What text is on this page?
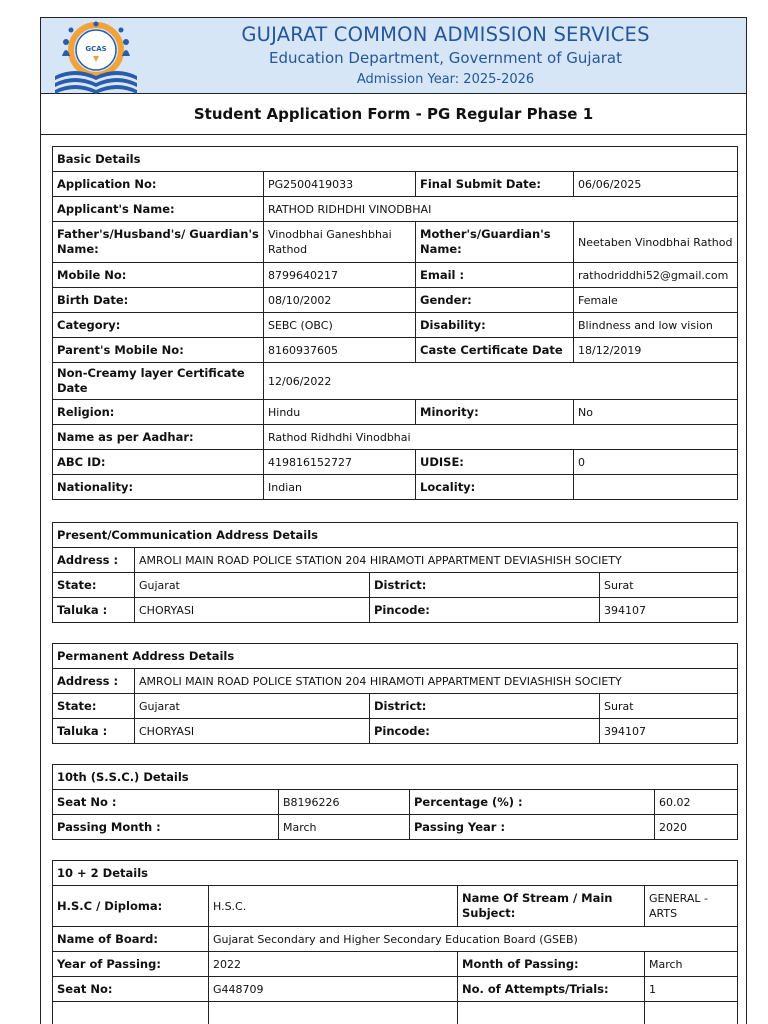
GCAS
GUJARAT COMMON ADMISSION SERVICES
Education Department, Government of Gujarat
Admission Year: 2025-2026
Student Application Form - PG Regular Phase 1
Basic Details			
Application No:	PG2500419033	Final Submit Date:	06/06/2025
Applicant's Name:	RATHOD RIDHDHI VINODBHAI		
Father's/Husband's/ Guardian's Name:	Vinodbhai Ganeshbhai Rathod	Mother's/Guardian's Name:	Neetaben Vinodbhai Rathod
Mobile No:	8799640217	Email :	rathodriddhi52@gmail.com
Birth Date:	08/10/2002	Gender:	Female
Category:	SEBC (OBC)	Disability:	Blindness and low vision
Parent's Mobile No:	8160937605	Caste Certificate Date	18/12/2019
Non-Creamy layer Certificate Date	12/06/2022		
Religion:	Hindu	Minority:	No
Name as per Aadhar:	Rathod Ridhdhi Vinodbhai		
ABC ID:	419816152727	UDISE:	0
Nationality:	Indian	Locality:	
Present/Communication Address Details			
Address :	AMROLI MAIN ROAD POLICE STATION 204 HIRAMOTI APPARTMENT DEVIASHISH SOCIETY		
State:	Gujarat	District:	Surat
Taluka :	CHORYASI	Pincode:	394107
Permanent Address Details			
Address :	AMROLI MAIN ROAD POLICE STATION 204 HIRAMOTI APPARTMENT DEVIASHISH SOCIETY		
State:	Gujarat	District:	Surat
Taluka :	CHORYASI	Pincode:	394107
10th (S.S.C.) Details			
Seat No :	B8196226	Percentage (%) :	60.02
Passing Month :	March	Passing Year :	2020
10 + 2 Details			
H.S.C / Diploma:	H.S.C.	Name Of Stream / Main Subject:	GENERAL - ARTS
Name of Board:	Gujarat Secondary and Higher Secondary Education Board (GSEB)		
Year of Passing:	2022	Month of Passing:	March
Seat No:	G448709	No. of Attempts/Trials:	1
